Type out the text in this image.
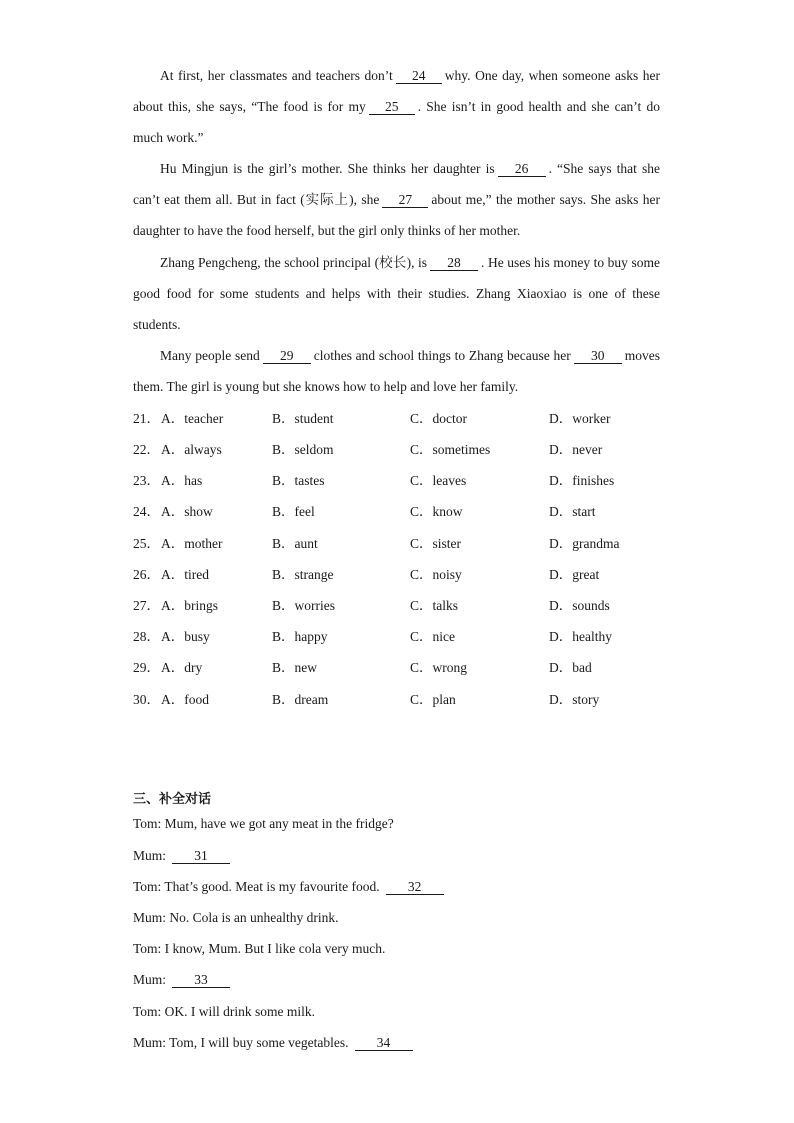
At first, her classmates and teachers don’t 24 why. One day, when someone asks her about this, she says, “The food is for my 25 . She isn’t in good health and she can’t do much work.”

Hu Mingjun is the girl’s mother. She thinks her daughter is 26 . “She says that she can’t eat them all. But in fact (实际上), she 27 about me,” the mother says. She asks her daughter to have the food herself, but the girl only thinks of her mother.

Zhang Pengcheng, the school principal (校长), is 28 . He uses his money to buy some good food for some students and helps with their studies. Zhang Xiaoxiao is one of these students.

Many people send 29 clothes and school things to Zhang because her 30 moves them. The girl is young but she knows how to help and love her family.

21． A．teacher	B．student	C．doctor	D．worker
22． A．always	B．seldom	C．sometimes	D．never
23． A．has	B．tastes	C．leaves	D．finishes
24． A．show	B．feel	C．know	D．start
25． A．mother	B．aunt	C．sister	D．grandma
26． A．tired	B．strange	C．noisy	D．great
27． A．brings	B．worries	C．talks	D．sounds
28． A．busy	B．happy	C．nice	D．healthy
29． A．dry	B．new	C．wrong	D．bad
30． A．food	B．dream	C．plan	D．story

三、补全对话

Tom: Mum, have we got any meat in the fridge?

Mum: 31

Tom: That’s good. Meat is my favourite food. 32

Mum: No. Cola is an unhealthy drink.

Tom: I know, Mum. But I like cola very much.

Mum: 33

Tom: OK. I will drink some milk.

Mum: Tom, I will buy some vegetables. 34
